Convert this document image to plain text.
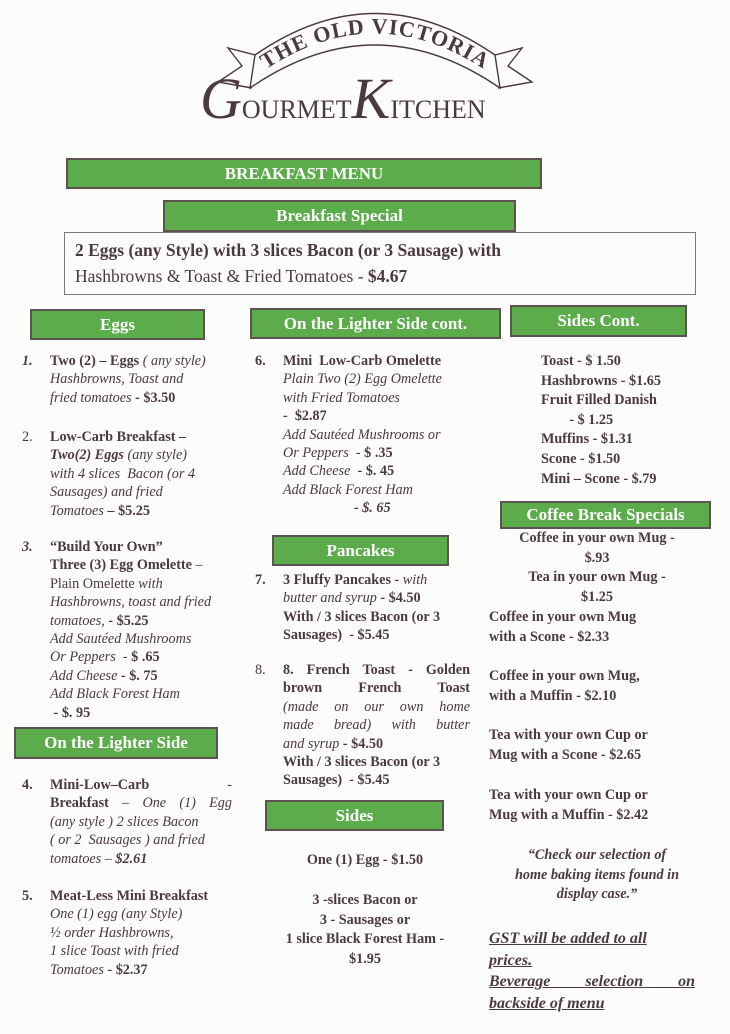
THE OLD VICTORIA
GOURMETKITCHEN
BREAKFAST MENU
Breakfast Special
2 Eggs (any Style) with 3 slices Bacon (or 3 Sausage) with
Hashbrowns & Toast & Fried Tomatoes - $4.67
Eggs	On the Lighter Side cont.	Sides Cont.
On the Lighter Side
Pancakes
Sides
Coffee Break Specials
1. Two (2) – Eggs ( any style)
Hashbrowns, Toast and
fried tomatoes - $3.50
2. Low-Carb Breakfast –
Two(2) Eggs (any style)
with 4 slices  Bacon (or 4
Sausages) and fried
Tomatoes – $5.25
3. “Build Your Own”
Three (3) Egg Omelette –
Plain Omelette with
Hashbrowns, toast and fried
tomatoes, - $5.25
Add Sautéed Mushrooms
Or Peppers  - $ .65
Add Cheese - $. 75
Add Black Forest Ham
- $. 95
4. Mini-Low–Carb	-
Breakfast – One (1) Egg
(any style ) 2 slices Bacon
( or 2  Sausages ) and fried
tomatoes – $2.61
5. Meat-Less Mini Breakfast
One (1) egg (any Style)
½ order Hashbrowns,
1 slice Toast with fried
Tomatoes - $2.37
6. Mini  Low-Carb Omelette
Plain Two (2) Egg Omelette
with Fried Tomatoes
-  $2.87
Add Sautéed Mushrooms or
Or Peppers  - $ .35
Add Cheese  - $. 45
Add Black Forest Ham
- $. 65
7. 3 Fluffy Pancakes - with
butter and syrup - $4.50
With / 3 slices Bacon (or 3
Sausages)  - $5.45
8. 8. French Toast - Golden
brown French Toast
(made on our own home
made bread) with butter
and syrup - $4.50
With / 3 slices Bacon (or 3
Sausages)  - $5.45
One (1) Egg - $1.50
3 -slices Bacon or
3 - Sausages or
1 slice Black Forest Ham -
$1.95
Toast - $ 1.50
Hashbrowns - $1.65
Fruit Filled Danish
- $ 1.25
Muffins - $1.31
Scone - $1.50
Mini – Scone - $.79
Coffee in your own Mug -
$.93
Tea in your own Mug -
$1.25
Coffee in your own Mug
with a Scone - $2.33
Coffee in your own Mug,
with a Muffin - $2.10
Tea with your own Cup or
Mug with a Scone - $2.65
Tea with your own Cup or
Mug with a Muffin - $2.42
“Check our selection of
home baking items found in
display case.”
GST will be added to all
prices.
Beverage selection on
backside of menu
